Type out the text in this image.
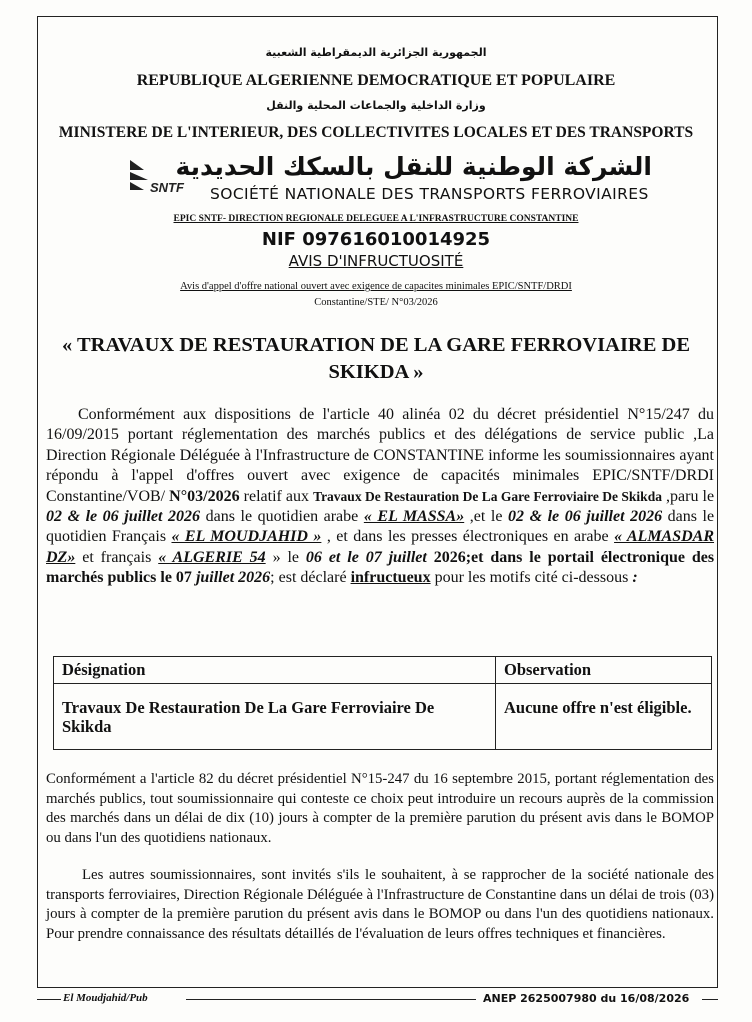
الجمهورية الجزائرية الديمقراطية الشعبية
REPUBLIQUE ALGERIENNE DEMOCRATIQUE ET POPULAIRE
وزارة الداخلية والجماعات المحلية والنقل
MINISTERE DE L'INTERIEUR, DES COLLECTIVITES LOCALES ET DES TRANSPORTS
SNTF
الشركة الوطنية للنقل بالسكك الحديدية
SOCIÉTÉ NATIONALE DES TRANSPORTS FERROVIAIRES
EPIC SNTF- DIRECTION REGIONALE DELEGUEE A L'INFRASTRUCTURE CONSTANTINE
NIF 097616010014925
AVIS D'INFRUCTUOSITÉ
Avis d'appel d'offre national ouvert avec exigence de capacites minimales EPIC/SNTF/DRDI
Constantine/STE/ N°03/2026
« TRAVAUX DE RESTAURATION DE LA GARE FERROVIAIRE DE SKIKDA »
Conformément aux dispositions de l'article 40 alinéa 02 du décret présidentiel N°15/247 du 16/09/2015 portant réglementation des marchés publics et des délégations de service public ,La Direction Régionale Déléguée à l'Infrastructure de CONSTANTINE informe les soumissionnaires ayant répondu à l'appel d'offres ouvert avec exigence de capacités minimales EPIC/SNTF/DRDI Constantine/VOB/ N°03/2026 relatif aux Travaux De Restauration De La Gare Ferroviaire De Skikda ,paru le 02 & le 06 juillet 2026 dans le quotidien arabe « EL MASSA» ,et le 02 & le 06 juillet 2026 dans le quotidien Français « EL MOUDJAHID » , et dans les presses électroniques en arabe « ALMASDAR DZ» et français « ALGERIE 54 » le 06 et le 07 juillet 2026;et dans le portail électronique des marchés publics le 07 juillet 2026; est déclaré infructueux pour les motifs cité ci-dessous :
Désignation	Observation
Travaux De Restauration De La Gare Ferroviaire De Skikda	Aucune offre n'est éligible.
Conformément a l'article 82 du décret présidentiel N°15-247 du 16 septembre 2015, portant réglementation des marchés publics, tout soumissionnaire qui conteste ce choix peut introduire un recours auprès de la commission des marchés dans un délai de dix (10) jours à compter de la première parution du présent avis dans le BOMOP ou dans l'un des quotidiens nationaux.
Les autres soumissionnaires, sont invités s'ils le souhaitent, à se rapprocher de la société nationale des transports ferroviaires, Direction Régionale Déléguée à l'Infrastructure de Constantine dans un délai de trois (03) jours à compter de la première parution du présent avis dans le BOMOP ou dans l'un des quotidiens nationaux. Pour prendre connaissance des résultats détaillés de l'évaluation de leurs offres techniques et financières.
El Moudjahid/Pub	ANEP 2625007980 du 16/08/2026
